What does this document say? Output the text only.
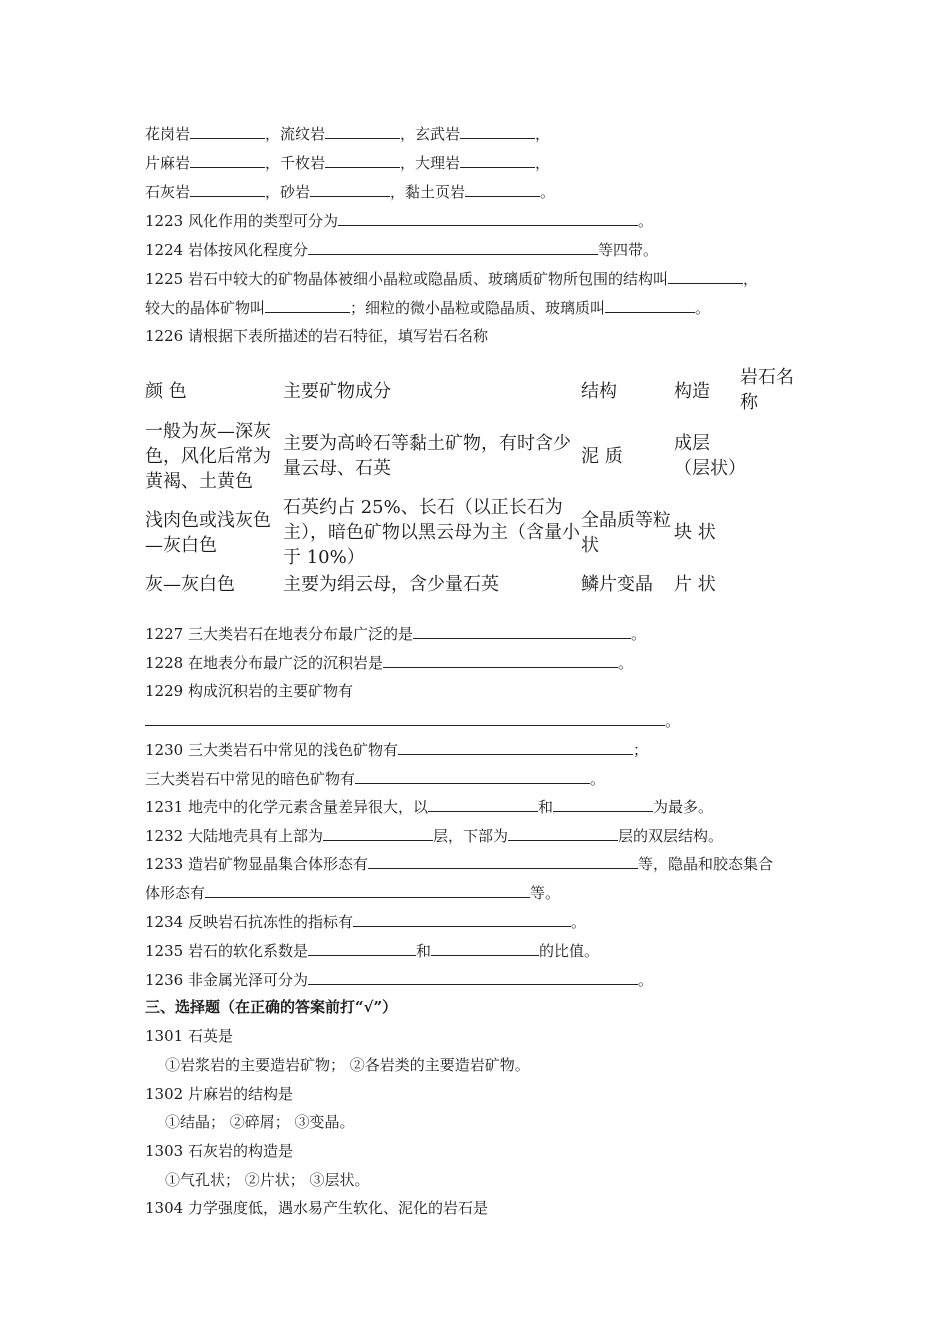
花岗岩	，流纹岩	，玄武岩	，
片麻岩	，千枚岩	，大理岩	，
石灰岩	，砂岩	，黏土页岩	。
1223 风化作用的类型可分为	。
1224 岩体按风化程度分	等四带。
1225 岩石中较大的矿物晶体被细小晶粒或隐晶质、玻璃质矿物所包围的结构叫	，
较大的晶体矿物叫	；细粒的微小晶粒或隐晶质、玻璃质叫	。
1226 请根据下表所描述的岩石特征，填写岩石名称
颜 色	主要矿物成分	结构	构造	岩石名称
一般为灰—深灰色，风化后常为黄褐、土黄色	主要为高岭石等黏土矿物，有时含少量云母、石英	泥 质	成层（层状）	
浅肉色或浅灰色—灰白色	石英约占 25%、长石（以正长石为主），暗色矿物以黑云母为主（含量小于 10%）	全晶质等粒状	块 状	
灰—灰白色	主要为绢云母，含少量石英	鳞片变晶	片 状	
1227 三大类岩石在地表分布最广泛的是	。
1228 在地表分布最广泛的沉积岩是	。
1229 构成沉积岩的主要矿物有
。
1230 三大类岩石中常见的浅色矿物有	；
三大类岩石中常见的暗色矿物有	。
1231 地壳中的化学元素含量差异很大，以	和	为最多。
1232 大陆地壳具有上部为	层，下部为	层的双层结构。
1233 造岩矿物显晶集合体形态有	等，隐晶和胶态集合
体形态有	等。
1234 反映岩石抗冻性的指标有	。
1235 岩石的软化系数是	和	的比值。
1236 非金属光泽可分为	。
三、选择题（在正确的答案前打“√”）
1301 石英是
①岩浆岩的主要造岩矿物； ②各岩类的主要造岩矿物。
1302 片麻岩的结构是
①结晶； ②碎屑； ③变晶。
1303 石灰岩的构造是
①气孔状； ②片状； ③层状。
1304 力学强度低，遇水易产生软化、泥化的岩石是
